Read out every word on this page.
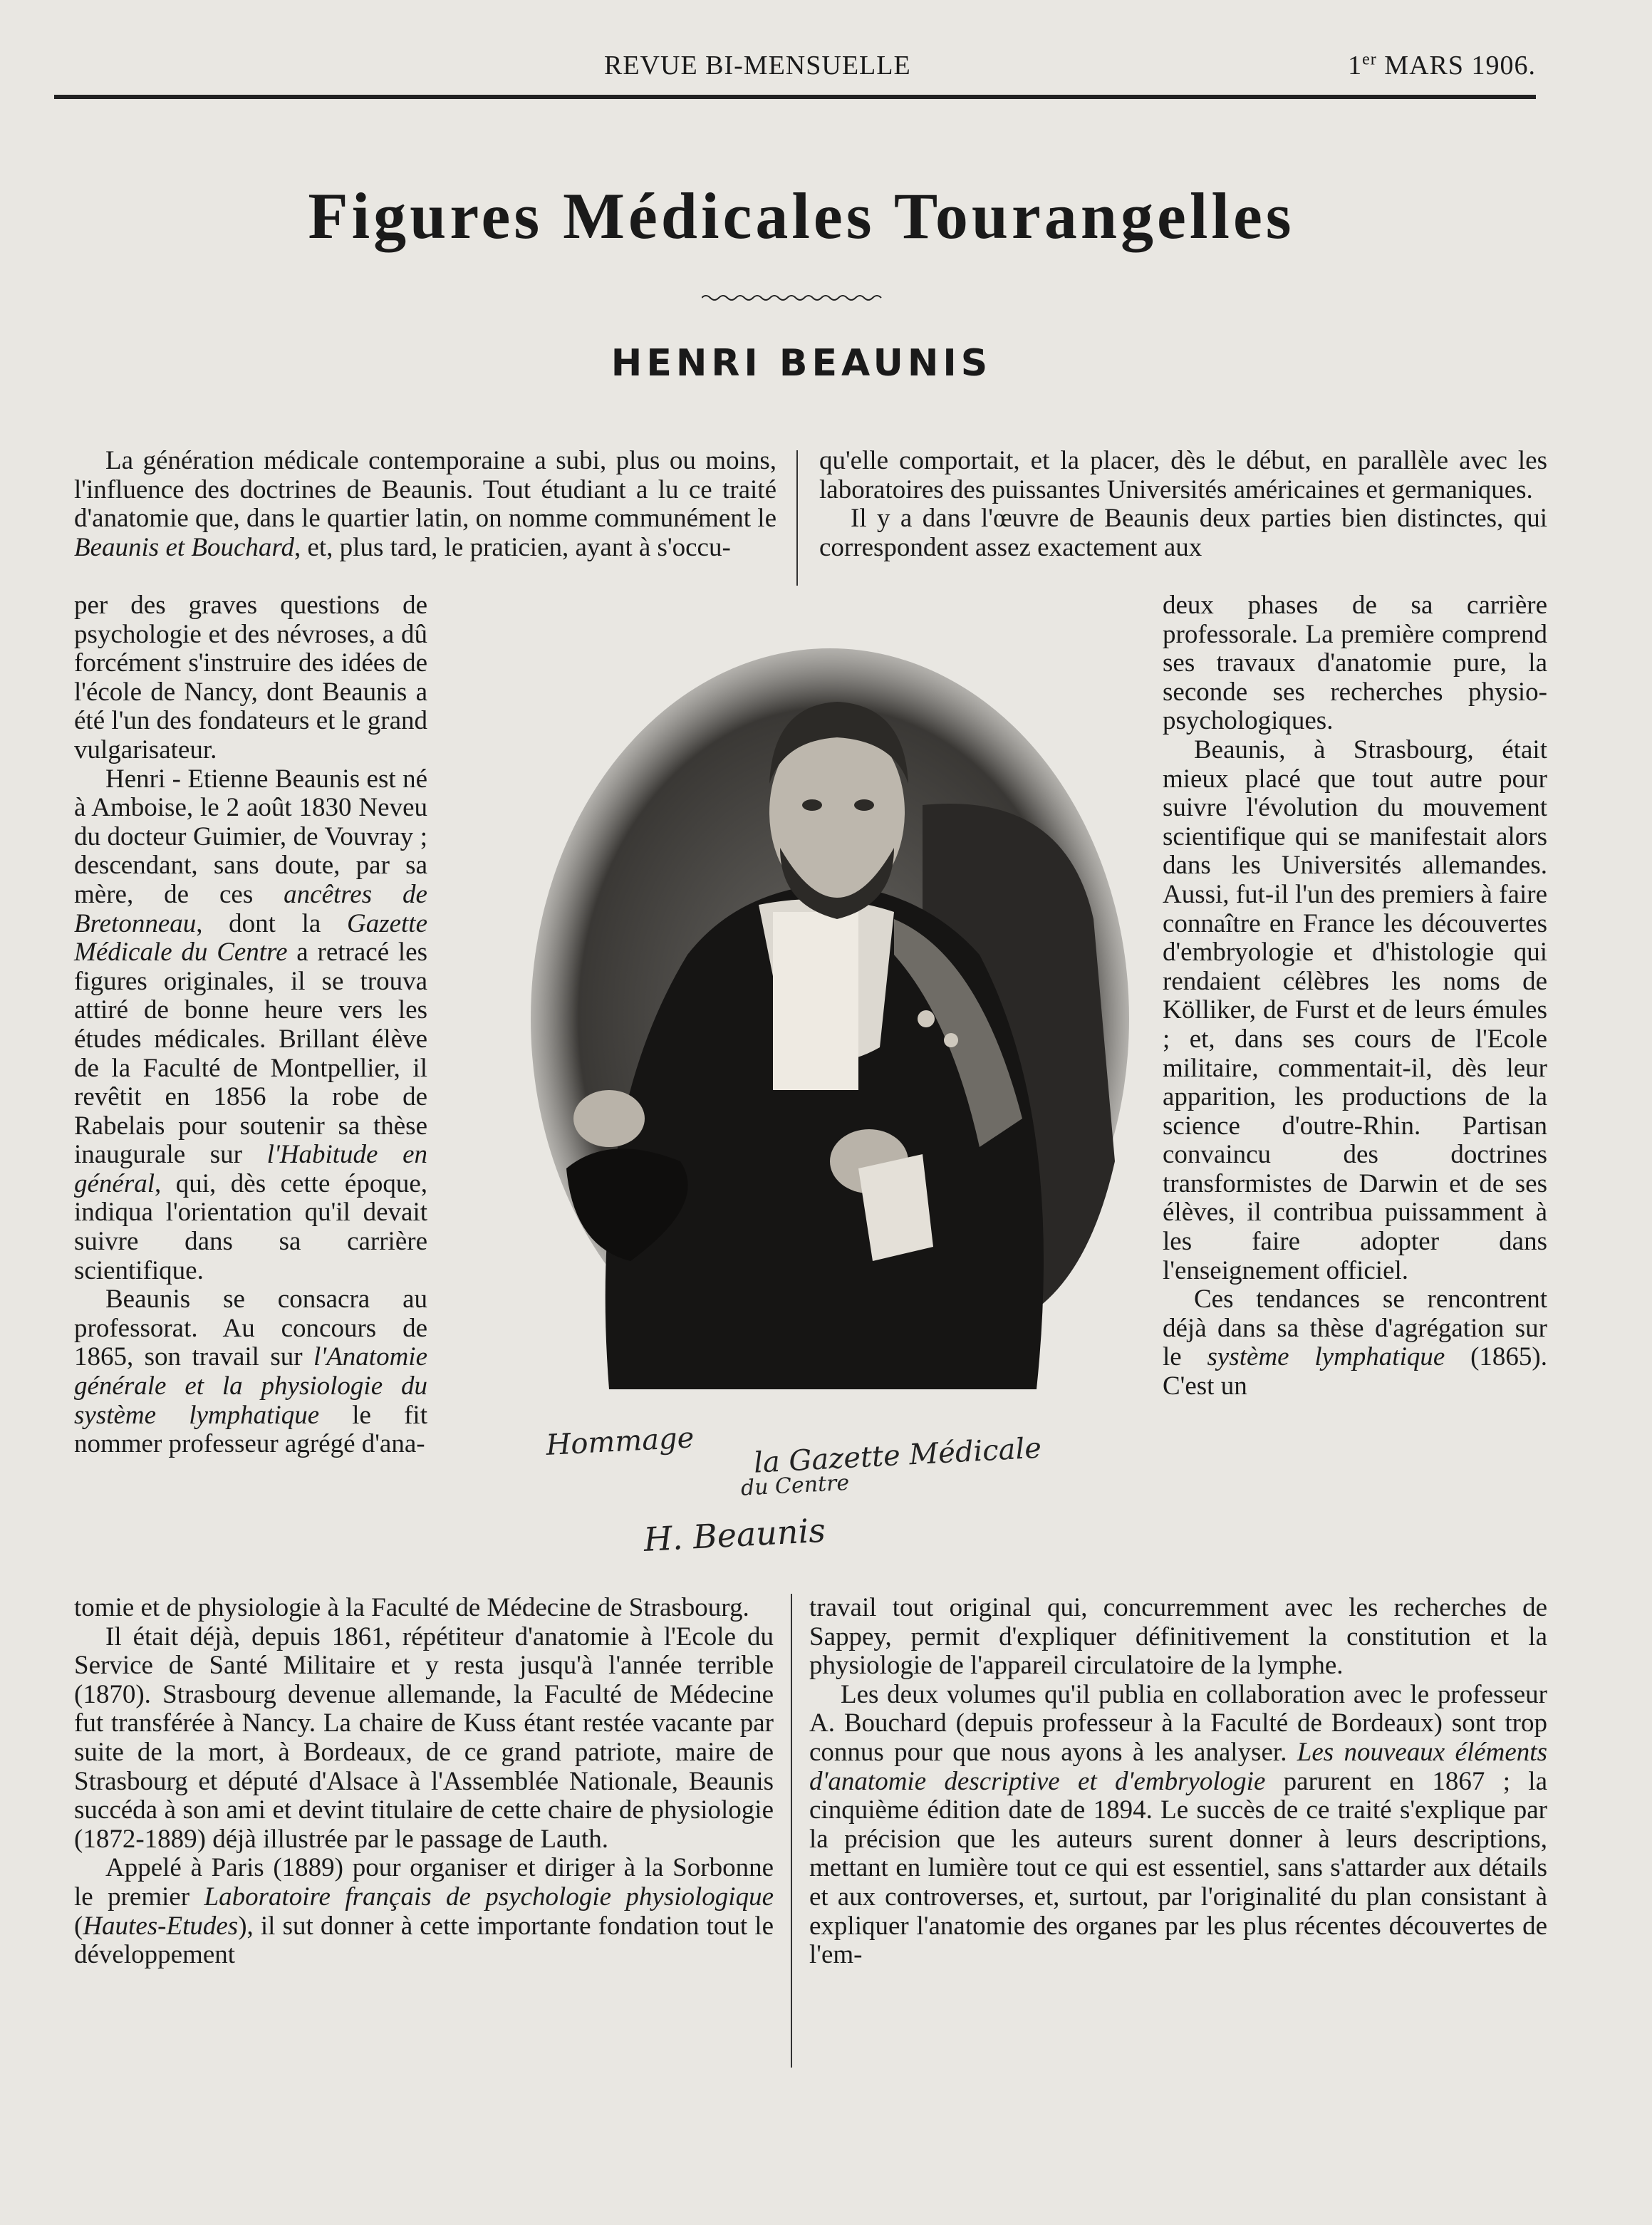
REVUE BI-MENSUELLE	1er MARS 1906.
Figures Médicales Tourangelles
HENRI BEAUNIS

La génération médicale contemporaine a subi, plus ou moins, l'influence des doctrines de Beaunis. Tout étudiant a lu ce traité d'anatomie que, dans le quartier latin, on nomme communément le Beaunis et Bouchard, et, plus tard, le praticien, ayant à s'occu-

per des graves questions de psychologie et des névroses, a dû forcément s'instruire des idées de l'école de Nancy, dont Beaunis a été l'un des fondateurs et le grand vulgarisateur.

Henri - Etienne Beaunis est né à Amboise, le 2 août 1830 Neveu du docteur Guimier, de Vouvray ; descendant, sans doute, par sa mère, de ces ancêtres de Bretonneau, dont la Gazette Médicale du Centre a retracé les figures originales, il se trouva attiré de bonne heure vers les études médicales. Brillant élève de la Faculté de Montpellier, il revêtit en 1856 la robe de Rabelais pour soutenir sa thèse inaugurale sur l'Habitude en général, qui, dès cette époque, indiqua l'orientation qu'il devait suivre dans sa carrière scientifique.

Beaunis se consacra au professorat. Au concours de 1865, son travail sur l'Anatomie générale et la physiologie du système lymphatique le fit nommer professeur agrégé d'ana-

tomie et de physiologie à la Faculté de Médecine de Strasbourg.

Il était déjà, depuis 1861, répétiteur d'anatomie à l'Ecole du Service de Santé Militaire et y resta jusqu'à l'année terrible (1870). Strasbourg devenue allemande, la Faculté de Médecine fut transférée à Nancy. La chaire de Kuss étant restée vacante par suite de la mort, à Bordeaux, de ce grand patriote, maire de Strasbourg et député d'Alsace à l'Assemblée Nationale, Beaunis succéda à son ami et devint titulaire de cette chaire de physiologie (1872-1889) déjà illustrée par le passage de Lauth.

Appelé à Paris (1889) pour organiser et diriger à la Sorbonne le premier Laboratoire français de psychologie physiologique (Hautes-Etudes), il sut donner à cette importante fondation tout le développement

qu'elle comportait, et la placer, dès le début, en parallèle avec les laboratoires des puissantes Universités américaines et germaniques.

Il y a dans l'œuvre de Beaunis deux parties bien distinctes, qui correspondent assez exactement aux

deux phases de sa carrière professorale. La première comprend ses travaux d'anatomie pure, la seconde ses recherches physio-psychologiques.

Beaunis, à Strasbourg, était mieux placé que tout autre pour suivre l'évolution du mouvement scientifique qui se manifestait alors dans les Universités allemandes. Aussi, fut-il l'un des premiers à faire connaître en France les découvertes d'embryologie et d'histologie qui rendaient célèbres les noms de Kölliker, de Furst et de leurs émules ; et, dans ses cours de l'Ecole militaire, commentait-il, dès leur apparition, les productions de la science d'outre-Rhin. Partisan convaincu des doctrines transformistes de Darwin et de ses élèves, il contribua puissamment à les faire adopter dans l'enseignement officiel.

Ces tendances se rencontrent déjà dans sa thèse d'agrégation sur le système lymphatique (1865). C'est un

travail tout original qui, concurremment avec les recherches de Sappey, permit d'expliquer définitivement la constitution et la physiologie de l'appareil circulatoire de la lymphe.

Les deux volumes qu'il publia en collaboration avec le professeur A. Bouchard (depuis professeur à la Faculté de Bordeaux) sont trop connus pour que nous ayons à les analyser. Les nouveaux éléments d'anatomie descriptive et d'embryologie parurent en 1867 ; la cinquième édition date de 1894. Le succès de ce traité s'explique par la précision que les auteurs surent donner à leurs descriptions, mettant en lumière tout ce qui est essentiel, sans s'attarder aux détails et aux controverses, et, surtout, par l'originalité du plan consistant à expliquer l'anatomie des organes par les plus récentes découvertes de l'em-

Hommage la Gazette Médicale
du Centre
H. Beaunis
